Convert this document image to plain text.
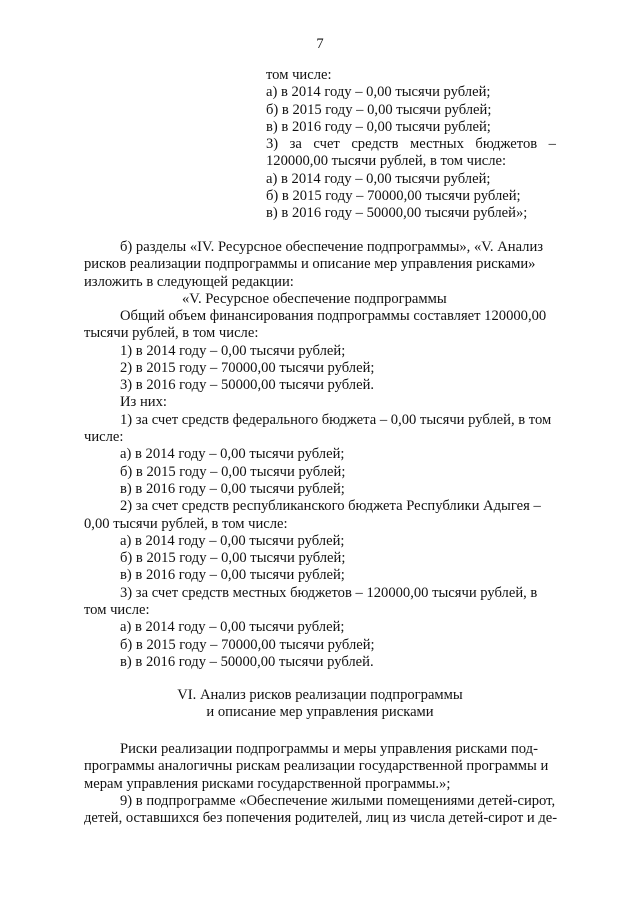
7
том числе:
а) в 2014 году – 0,00 тысячи рублей;
б) в 2015 году – 0,00 тысячи рублей;
в) в 2016 году – 0,00 тысячи рублей;
3) за счет средств местных бюджетов –
120000,00 тысячи рублей, в том числе:
а) в 2014 году – 0,00 тысячи рублей;
б) в 2015 году – 70000,00 тысячи рублей;
в) в 2016 году – 50000,00 тысячи рублей»;
б) разделы «IV. Ресурсное обеспечение подпрограммы», «V. Анализ
рисков реализации подпрограммы и описание мер управления рисками»
изложить в следующей редакции:
«V. Ресурсное обеспечение подпрограммы
Общий объем финансирования подпрограммы составляет 120000,00
тысячи рублей, в том числе:
1) в 2014 году – 0,00 тысячи рублей;
2) в 2015 году – 70000,00 тысячи рублей;
3) в 2016 году – 50000,00 тысячи рублей.
Из них:
1) за счет средств федерального бюджета – 0,00 тысячи рублей, в том
числе:
а) в 2014 году – 0,00 тысячи рублей;
б) в 2015 году – 0,00 тысячи рублей;
в) в 2016 году – 0,00 тысячи рублей;
2) за счет средств республиканского бюджета Республики Адыгея –
0,00 тысячи рублей, в том числе:
а) в 2014 году – 0,00 тысячи рублей;
б) в 2015 году – 0,00 тысячи рублей;
в) в 2016 году – 0,00 тысячи рублей;
3) за счет средств местных бюджетов – 120000,00 тысячи рублей, в
том числе:
а) в 2014 году – 0,00 тысячи рублей;
б) в 2015 году – 70000,00 тысячи рублей;
в) в 2016 году – 50000,00 тысячи рублей.
VI. Анализ рисков реализации подпрограммы
и описание мер управления рисками
Риски реализации подпрограммы и меры управления рисками под-
программы аналогичны рискам реализации государственной программы и
мерам управления рисками государственной программы.»;
9) в подпрограмме «Обеспечение жилыми помещениями детей-сирот,
детей, оставшихся без попечения родителей, лиц из числа детей-сирот и де-
